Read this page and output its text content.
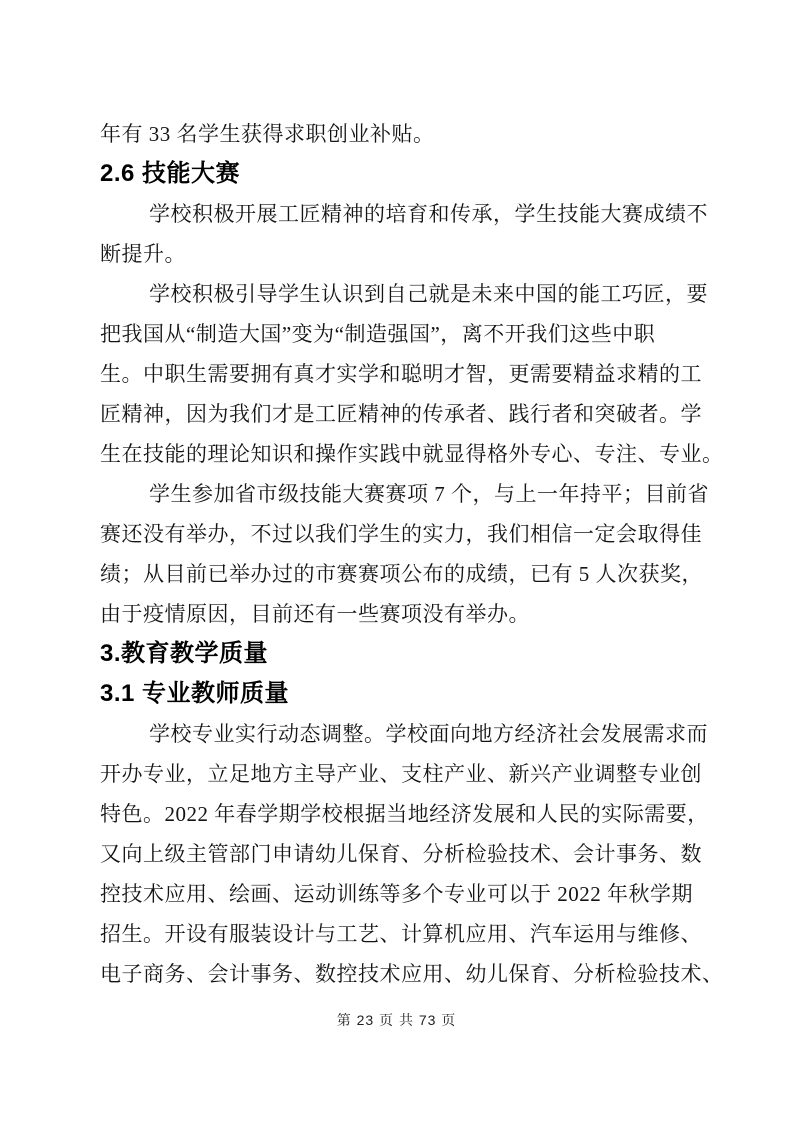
年有 33 名学生获得求职创业补贴。
2.6 技能大赛
学校积极开展工匠精神的培育和传承，学生技能大赛成绩不
断提升。
学校积极引导学生认识到自己就是未来中国的能工巧匠，要
把我国从“制造大国”变为“制造强国”，离不开我们这些中职
生。中职生需要拥有真才实学和聪明才智，更需要精益求精的工
匠精神，因为我们才是工匠精神的传承者、践行者和突破者。学
生在技能的理论知识和操作实践中就显得格外专心、专注、专业。
学生参加省市级技能大赛赛项 7 个，与上一年持平；目前省
赛还没有举办，不过以我们学生的实力，我们相信一定会取得佳
绩；从目前已举办过的市赛赛项公布的成绩，已有 5 人次获奖，
由于疫情原因，目前还有一些赛项没有举办。
3.教育教学质量
3.1 专业教师质量
学校专业实行动态调整。学校面向地方经济社会发展需求而
开办专业，立足地方主导产业、支柱产业、新兴产业调整专业创
特色。2022 年春学期学校根据当地经济发展和人民的实际需要，
又向上级主管部门申请幼儿保育、分析检验技术、会计事务、数
控技术应用、绘画、运动训练等多个专业可以于 2022 年秋学期
招生。开设有服装设计与工艺、计算机应用、汽车运用与维修、
电子商务、会计事务、数控技术应用、幼儿保育、分析检验技术、
第 23 页 共 73 页
